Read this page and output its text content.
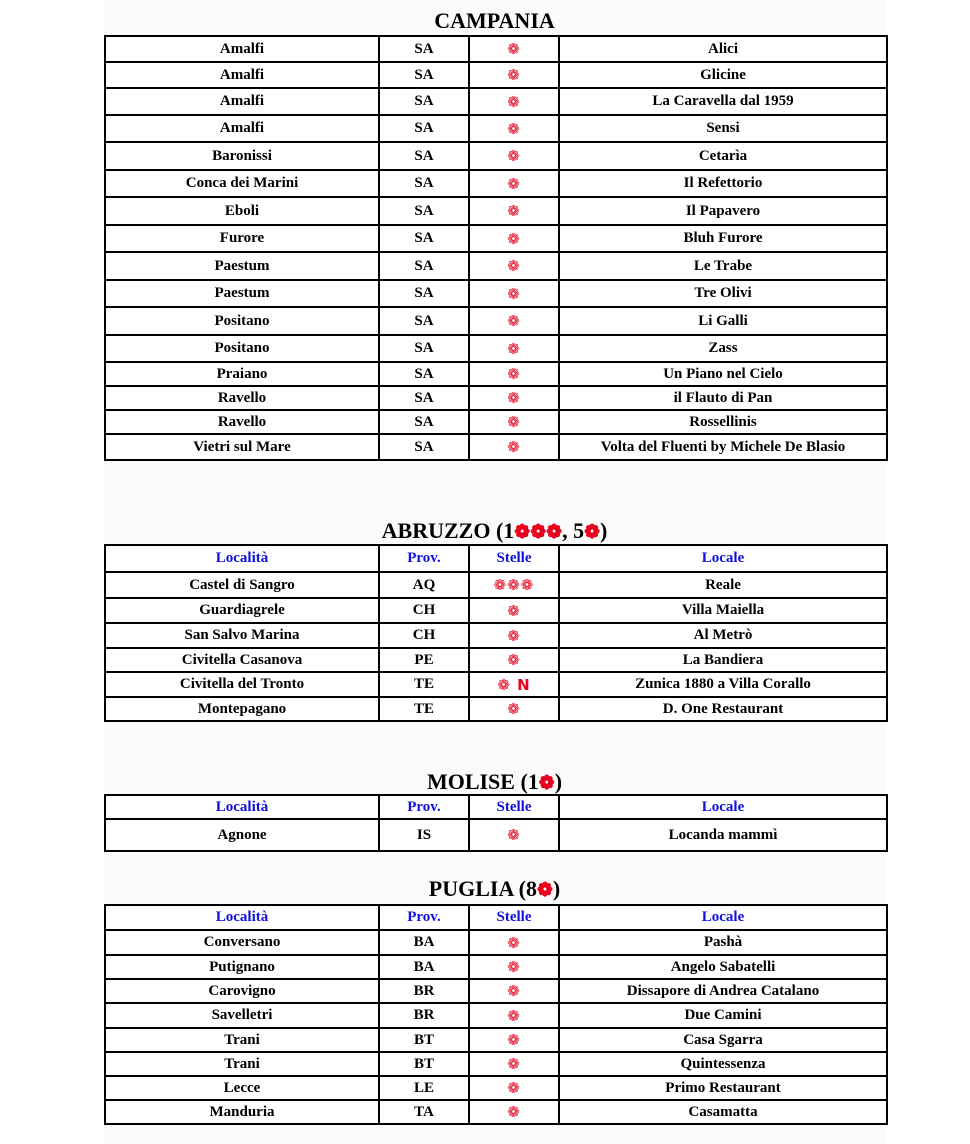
CAMPANIA
Amalfi	SA	❁	Alici
Amalfi	SA	❁	Glicine
Amalfi	SA	❁	La Caravella dal 1959
Amalfi	SA	❁	Sensi
Baronissi	SA	❁	Cetarìa
Conca dei Marini	SA	❁	Il Refettorio
Eboli	SA	❁	Il Papavero
Furore	SA	❁	Bluh Furore
Paestum	SA	❁	Le Trabe
Paestum	SA	❁	Tre Olivi
Positano	SA	❁	Li Galli
Positano	SA	❁	Zass
Praiano	SA	❁	Un Piano nel Cielo
Ravello	SA	❁	il Flauto di Pan
Ravello	SA	❁	Rossellinis
Vietri sul Mare	SA	❁	Volta del Fluenti by Michele De Blasio
ABRUZZO (1❁❁❁, 5❁)
Località	Prov.	Stelle	Locale
Castel di Sangro	AQ	❁❁❁	Reale
Guardiagrele	CH	❁	Villa Maiella
San Salvo Marina	CH	❁	Al Metrò
Civitella Casanova	PE	❁	La Bandiera
Civitella del Tronto	TE	❁ N	Zunica 1880 a Villa Corallo
Montepagano	TE	❁	D. One Restaurant
MOLISE (1❁)
Località	Prov.	Stelle	Locale
Agnone	IS	❁	Locanda mammì
PUGLIA (8❁)
Località	Prov.	Stelle	Locale
Conversano	BA	❁	Pashà
Putignano	BA	❁	Angelo Sabatelli
Carovigno	BR	❁	Dissapore di Andrea Catalano
Savelletri	BR	❁	Due Camini
Trani	BT	❁	Casa Sgarra
Trani	BT	❁	Quintessenza
Lecce	LE	❁	Primo Restaurant
Manduria	TA	❁	Casamatta
